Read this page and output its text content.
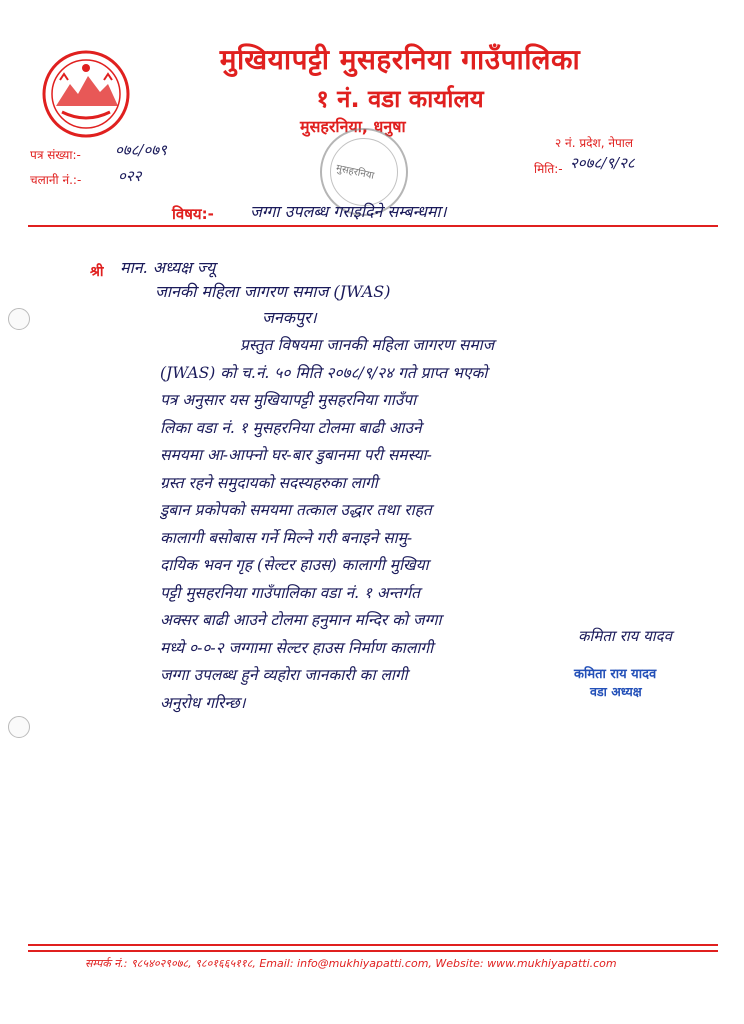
मुखियापट्टी मुसहरनिया गाउँपालिका
१ नं. वडा कार्यालय
मुसहरनिया, धनुषा
पत्र संख्या:- ०७८/०७९
चलानी नं.:- ०२२
२ नं. प्रदेश, नेपाल
मिति:- २०७८/९/२८
मुसहरनिया
विषय:- जग्गा उपलब्ध गराइदिने सम्बन्धमा।
श्री मान. अध्यक्ष ज्यू
जानकी महिला जागरण समाज (JWAS)
जनकपुर।
प्रस्तुत विषयमा जानकी महिला जागरण समाज
(JWAS) को च.नं. ५० मिति २०७८/९/२४ गते प्राप्त भएको
पत्र अनुसार यस मुखियापट्टी मुसहरनिया गाउँपा
लिका वडा नं. १ मुसहरनिया टोलमा बाढी आउने
समयमा आ-आफ्नो घर-बार डुबानमा परी समस्या-
ग्रस्त रहने समुदायको सदस्यहरुका लागी
डुबान प्रकोपको समयमा तत्काल उद्धार तथा राहत
कालागी बसोबास गर्ने मिल्ने गरी बनाइने सामु-
दायिक भवन गृह (सेल्टर हाउस) कालागी मुखिया
पट्टी मुसहरनिया गाउँपालिका वडा नं. १ अन्तर्गत
अक्सर बाढी आउने टोलमा हनुमान मन्दिर को जग्गा
मध्ये ०-०-२ जग्गामा सेल्टर हाउस निर्माण कालागी
जग्गा उपलब्ध हुने व्यहोरा जानकारी का लागी
अनुरोध गरिन्छ।
कमिता राय यादव
कमिता राय यादव
वडा अध्यक्ष
सम्पर्क नं.: ९८५४०२९०७८, ९८०१६६५११८, Email: info@mukhiyapatti.com, Website: www.mukhiyapatti.com
